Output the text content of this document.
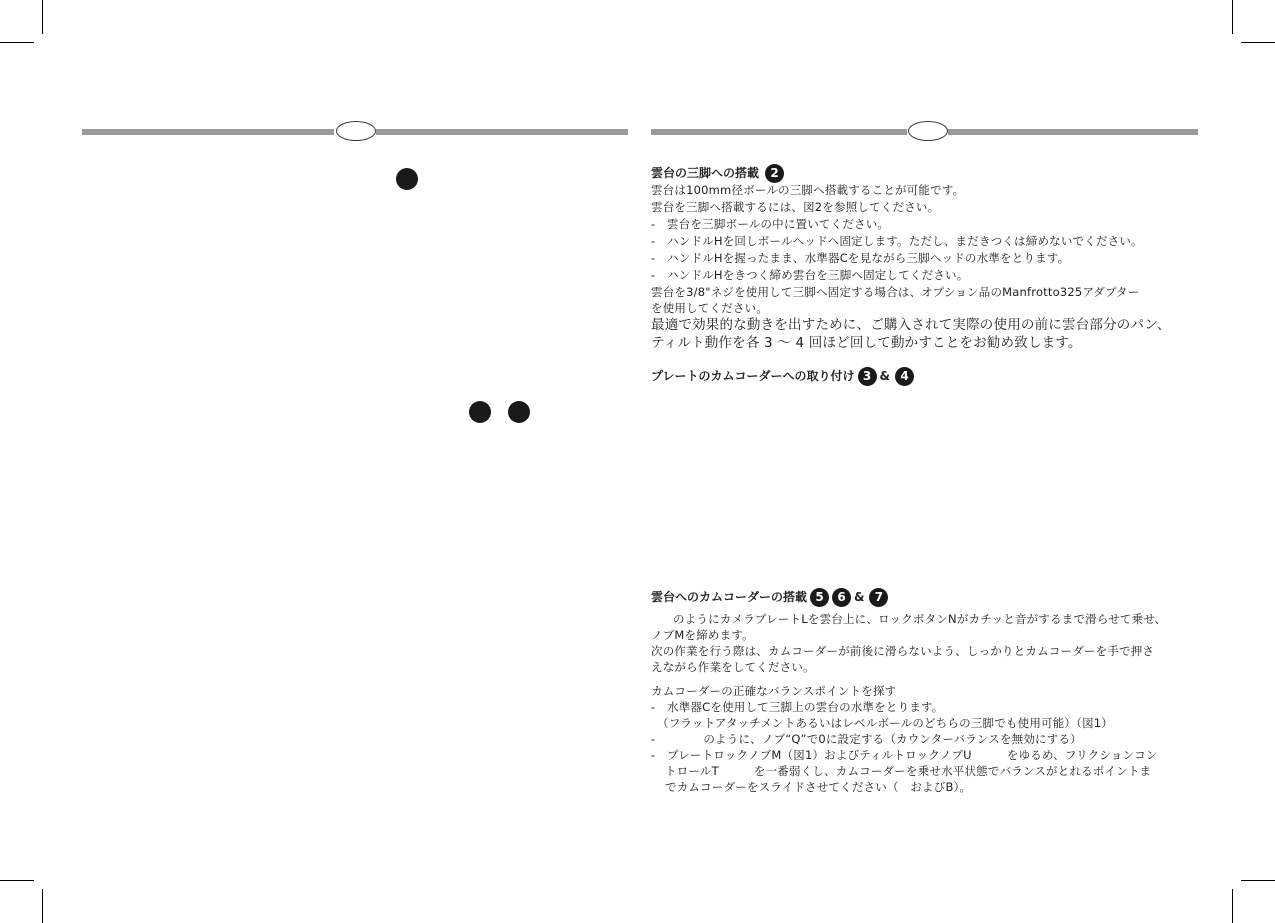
雲台の三脚への搭載 2
雲台は100mm径ボールの三脚へ搭載することが可能です。
雲台を三脚へ搭載するには、図2を参照してください。
-　雲台を三脚ボールの中に置いてください。
-　ハンドルHを回しボールヘッドへ固定します。ただし、まだきつくは締めないでください。
-　ハンドルHを握ったまま、水準器Cを見ながら三脚ヘッドの水準をとります。
-　ハンドルHをきつく締め雲台を三脚へ固定してください。
雲台を3/8"ネジを使用して三脚へ固定する場合は、オプション品のManfrotto325アダプター
を使用してください。
最適で効果的な動きを出すために、ご購入されて実際の使用の前に雲台部分のパン、
ティルト動作を各 3 〜 4 回ほど回して動かすことをお勧め致します。
プレートのカムコーダーへの取り付け 3 & 4
雲台へのカムコーダーの搭載 5	6 & 7
のようにカメラプレートLを雲台上に、ロックボタンNがカチッと音がするまで滑らせて乗せ、
ノブMを締めます。
次の作業を行う際は、カムコーダーが前後に滑らないよう、しっかりとカムコーダーを手で押さ
えながら作業をしてください。
カムコーダーの正確なバランスポイントを探す
-　水準器Cを使用して三脚上の雲台の水準をとります。
（フラットアタッチメントあるいはレベルボールのどちらの三脚でも使用可能）（図1）
-	のように、ノブ“Q”で0に設定する（カウンターバランスを無効にする）
-　プレートロックノブM（図1）およびティルトロックノブU　　　をゆるめ、フリクションコン
トロールT　　　を一番弱くし、カムコーダーを乗せ水平状態でバランスがとれるポイントま
でカムコーダーをスライドさせてください（　およびB）。
